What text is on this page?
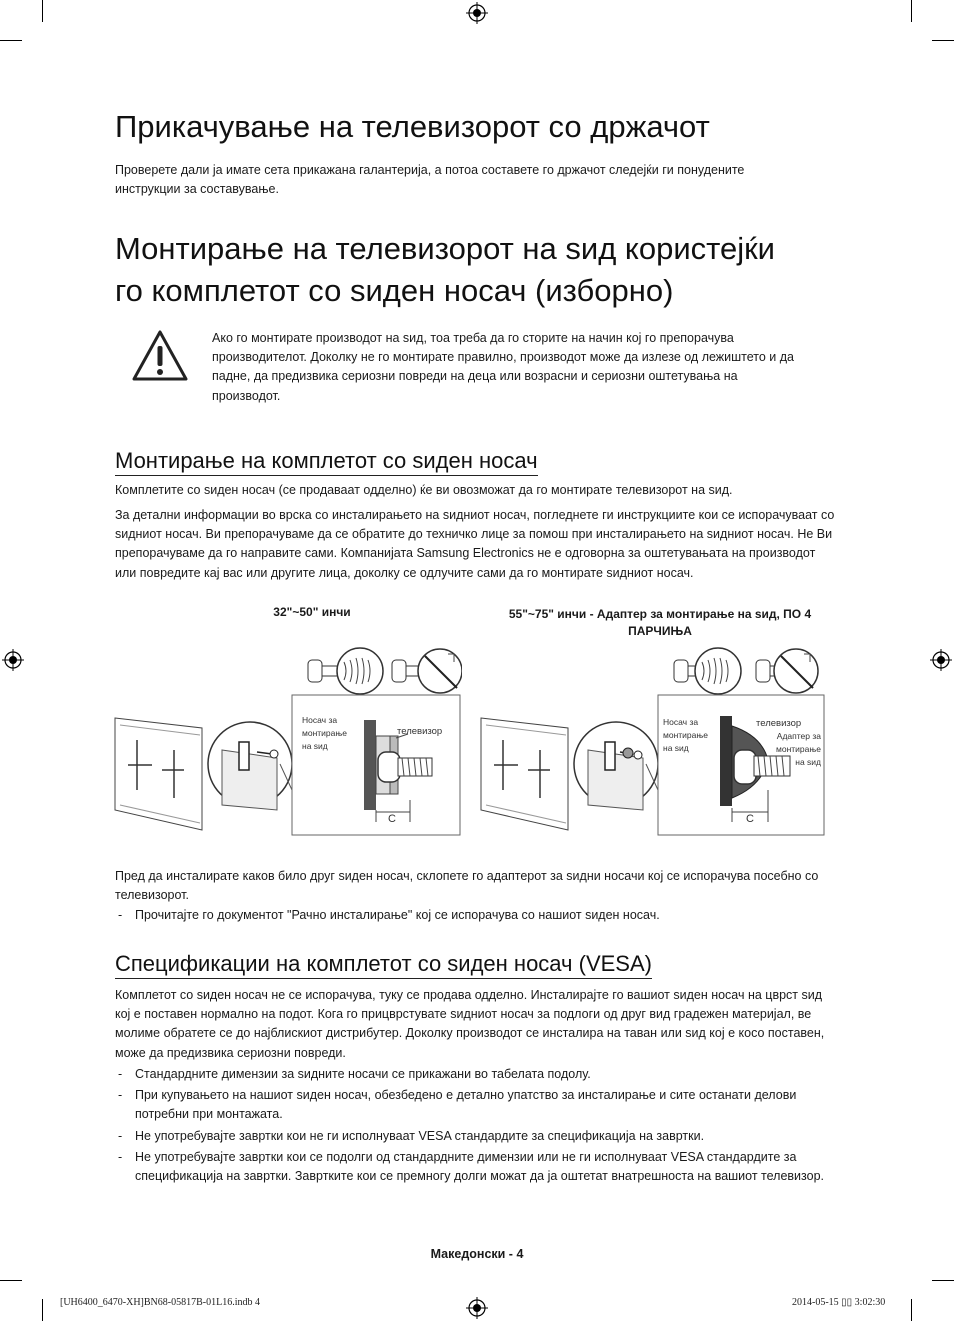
Прикачување на телевизорот со држачот
Проверете дали ја имате сета прикажана галантерија, а потоа составете го држачот следејќи ги понудените инструкции за составување.
Монтирање на телевизорот на ѕид користејќи
го комплетот со ѕиден носач (изборно)
Ако го монтирате производот на ѕид, тоа треба да го сторите на начин кој го препорачува производителот. Доколку не го монтирате правилно, производот може да излезе од лежиштето и да падне, да предизвика сериозни повреди на деца или возрасни и сериозни оштетувања на производот.
Монтирање на комплетот со ѕиден носач
Комплетите со ѕиден носач (се продаваат одделно) ќе ви овозможат да го монтирате телевизорот на ѕид.
За детални информации во врска со инсталирањето на ѕидниот носач, погледнете ги инструкциите кои се испорачуваат со ѕидниот носач. Ви препорачуваме да се обратите до техничко лице за помош при инсталирањето на ѕидниот носач. Не Ви препорачуваме да го направите сами. Компанијата Samsung Electronics не е одговорна за оштетувањата на производот или повредите кај вас или другите лица, доколку се одлучите сами да го монтирате ѕидниот носач.
32"~50" инчи	55"~75" инчи - Адаптер за монтирање на ѕид, ПО 4 ПАРЧИЊА
Носач за
монтирање
на ѕид
телевизор
C
Носач за
монтирање
на ѕид
телевизор
Адаптер за
монтирање
на ѕид
C
Пред да инсталирате каков било друг ѕиден носач, склопете го адаптерот за ѕидни носачи кој се испорачува посебно со телевизорот.
- Прочитајте го документот "Рачно инсталирање" кој се испорачува со нашиот ѕиден носач.
Спецификации на комплетот со ѕиден носач (VESA)
Комплетот со ѕиден носач не се испорачува, туку се продава одделно. Инсталирајте го вашиот ѕиден носач на цврст ѕид кој е поставен нормално на подот. Кога го прицврстувате ѕидниот носач за подлоги од друг вид градежен материјал, ве молиме обратете се до најблискиот дистрибутер. Доколку производот се инсталира на таван или ѕид кој е косо поставен, може да предизвика сериозни повреди.
- Стандардните димензии за ѕидните носачи се прикажани во табелата подолу.
- При купувањето на нашиот ѕиден носач, обезбедено е детално упатство за инсталирање и сите останати делови потребни при монтажата.
- Не употребувајте завртки кои не ги исполнуваат VESA стандардите за спецификација на завртки.
- Не употребувајте завртки кои се подолги од стандардните димензии или не ги исполнуваат VESA стандардите за спецификација на завртки. Завртките кои се премногу долги можат да ја оштетат внатрешноста на вашиот телевизор.
Македонски - 4
[UH6400_6470-XH]BN68-05817B-01L16.indb 4	2014-05-15 ▯▯ 3:02:30
